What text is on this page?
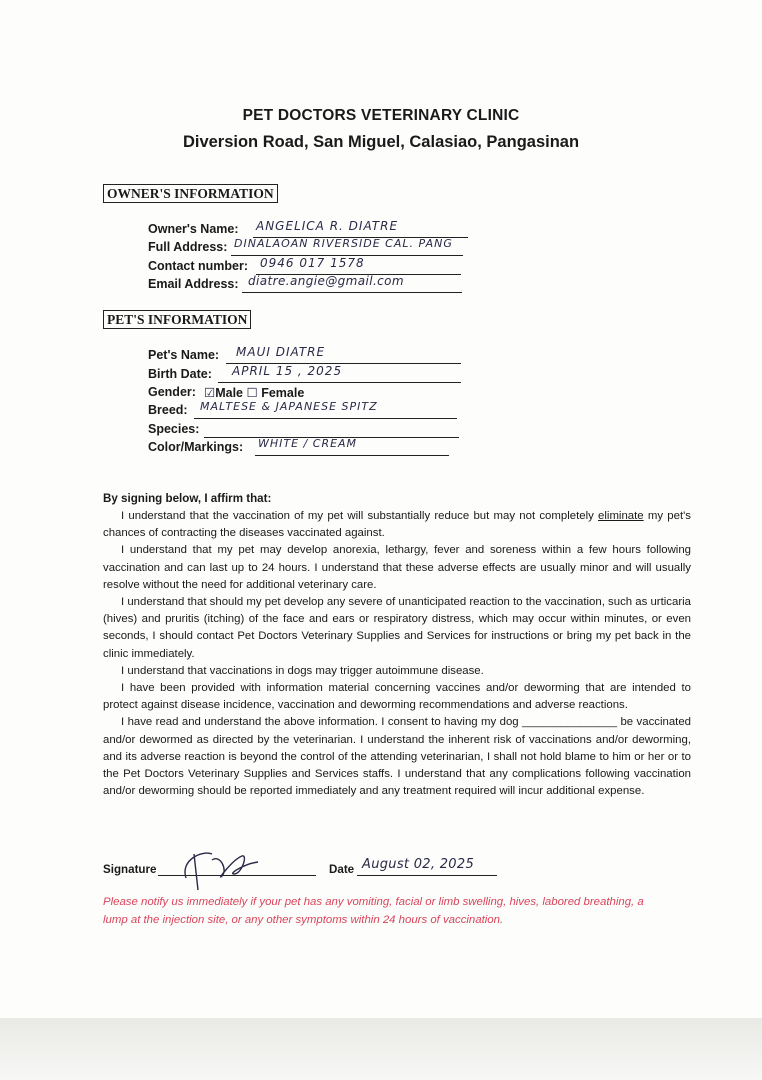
PET DOCTORS VETERINARY CLINIC
Diversion Road, San Miguel, Calasiao, Pangasinan
OWNER'S INFORMATION
Owner's Name: ANGELICA R. DIATRE
Full Address: DINALAOAN RIVERSIDE CAL. PANG
Contact number: 0946 017 1578
Email Address: diatre.angie@gmail.com
PET'S INFORMATION
Pet's Name: MAUI DIATRE
Birth Date: APRIL 15 , 2025
Gender: ☑Male ☐ Female
Breed: MALTESE & JAPANESE SPITZ
Species:
Color/Markings: WHITE / CREAM
By signing below, I affirm that:

I understand that the vaccination of my pet will substantially reduce but may not completely eliminate my pet's chances of contracting the diseases vaccinated against.

I understand that my pet may develop anorexia, lethargy, fever and soreness within a few hours following vaccination and can last up to 24 hours. I understand that these adverse effects are usually minor and will usually resolve without the need for additional veterinary care.

I understand that should my pet develop any severe of unanticipated reaction to the vaccination, such as urticaria (hives) and pruritis (itching) of the face and ears or respiratory distress, which may occur within minutes, or even seconds, I should contact Pet Doctors Veterinary Supplies and Services for instructions or bring my pet back in the clinic immediately.

I understand that vaccinations in dogs may trigger autoimmune disease.

I have been provided with information material concerning vaccines and/or deworming that are intended to protect against disease incidence, vaccination and deworming recommendations and adverse reactions.

I have read and understand the above information. I consent to having my dog _______________ be vaccinated and/or dewormed as directed by the veterinarian. I understand the inherent risk of vaccinations and/or deworming, and its adverse reaction is beyond the control of the attending veterinarian, I shall not hold blame to him or her or to the Pet Doctors Veterinary Supplies and Services staffs. I understand that any complications following vaccination and/or deworming should be reported immediately and any treatment required will incur additional expense.

Signature	Date August 02, 2025
Please notify us immediately if your pet has any vomiting, facial or limb swelling, hives, labored breathing, a lump at the injection site, or any other symptoms within 24 hours of vaccination.
